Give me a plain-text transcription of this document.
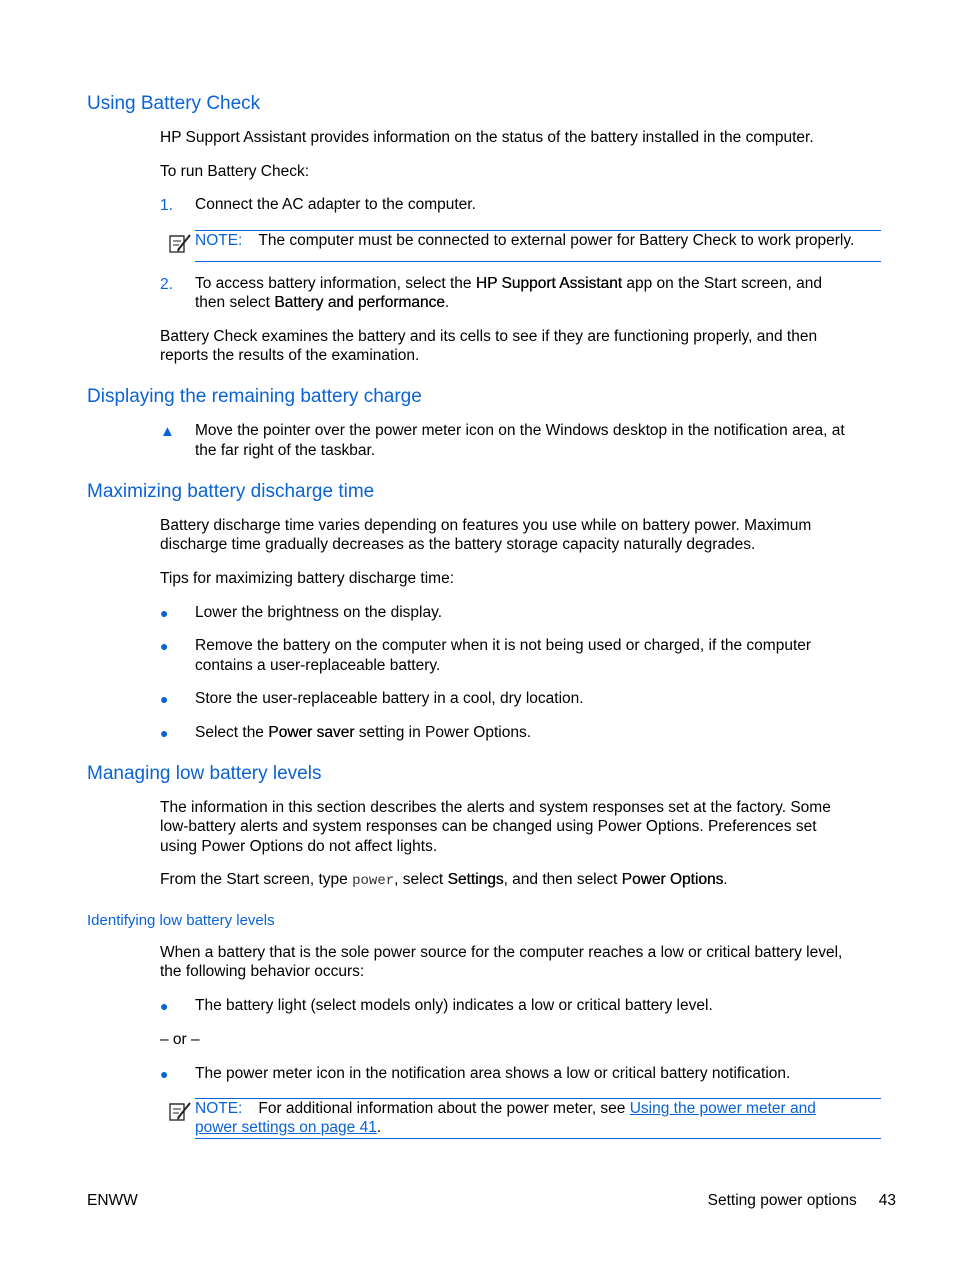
Using Battery Check
HP Support Assistant provides information on the status of the battery installed in the computer.
To run Battery Check:
1. Connect the AC adapter to the computer.
NOTE: The computer must be connected to external power for Battery Check to work properly.
2. To access battery information, select the HP Support Assistant app on the Start screen, and
then select Battery and performance.
Battery Check examines the battery and its cells to see if they are functioning properly, and then
reports the results of the examination.
Displaying the remaining battery charge
▲ Move the pointer over the power meter icon on the Windows desktop in the notification area, at
the far right of the taskbar.
Maximizing battery discharge time
Battery discharge time varies depending on features you use while on battery power. Maximum
discharge time gradually decreases as the battery storage capacity naturally degrades.
Tips for maximizing battery discharge time:
● Lower the brightness on the display.
● Remove the battery on the computer when it is not being used or charged, if the computer
contains a user-replaceable battery.
● Store the user-replaceable battery in a cool, dry location.
● Select the Power saver setting in Power Options.
Managing low battery levels
The information in this section describes the alerts and system responses set at the factory. Some
low-battery alerts and system responses can be changed using Power Options. Preferences set
using Power Options do not affect lights.
From the Start screen, type power, select Settings, and then select Power Options.
Identifying low battery levels
When a battery that is the sole power source for the computer reaches a low or critical battery level,
the following behavior occurs:
● The battery light (select models only) indicates a low or critical battery level.
– or –
● The power meter icon in the notification area shows a low or critical battery notification.
NOTE: For additional information about the power meter, see Using the power meter and
power settings on page 41.
ENWW	Setting power options 43
